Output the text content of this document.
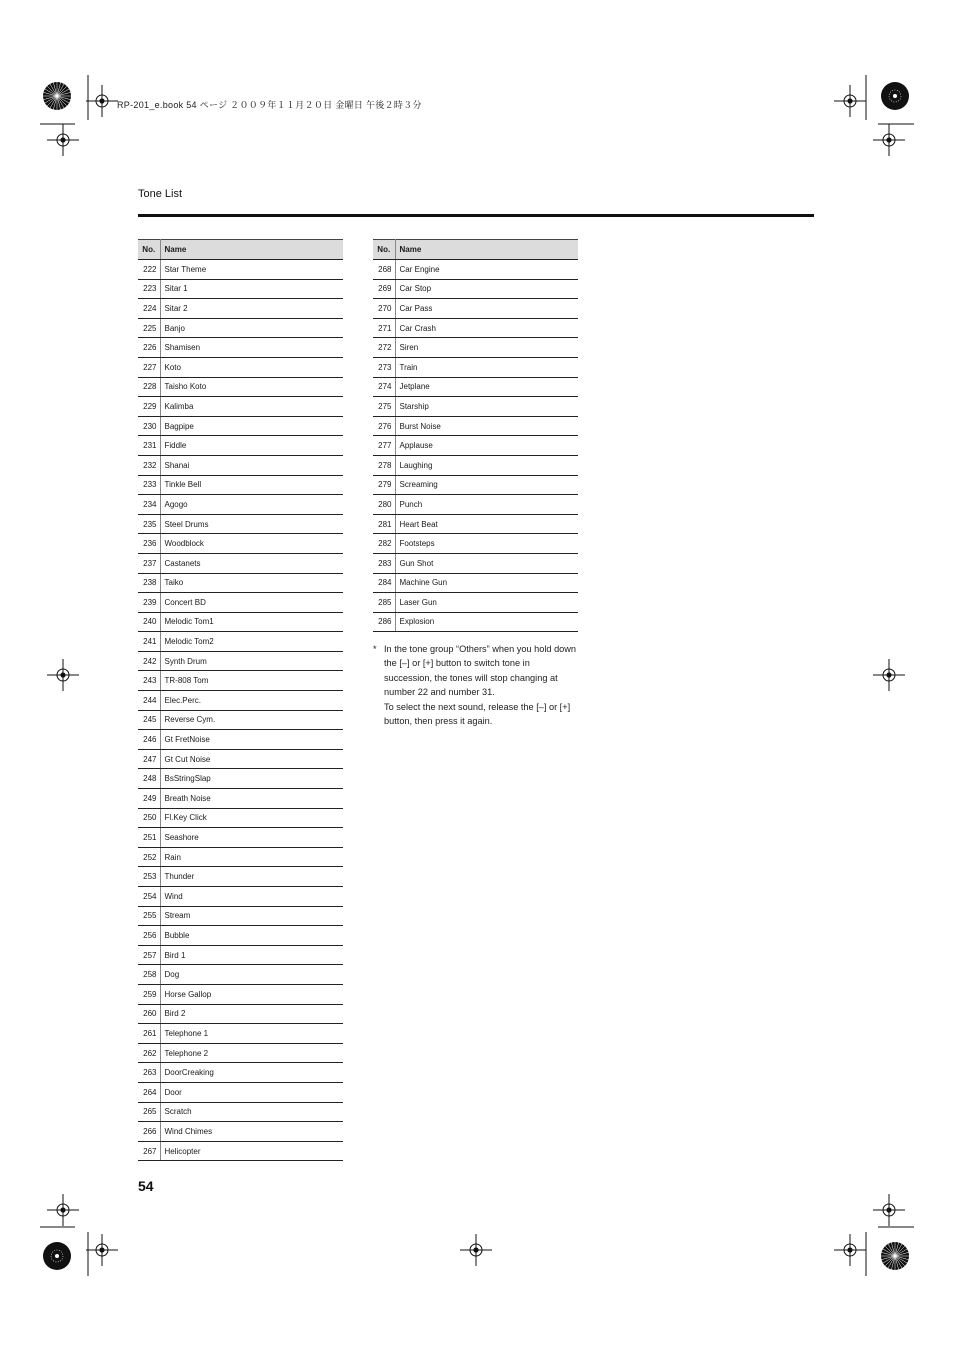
RP-201_e.book 54 ページ ２００９年１１月２０日 金曜日 午後２時３分
Tone List
No.	Name
222	Star Theme
223	Sitar 1
224	Sitar 2
225	Banjo
226	Shamisen
227	Koto
228	Taisho Koto
229	Kalimba
230	Bagpipe
231	Fiddle
232	Shanai
233	Tinkle Bell
234	Agogo
235	Steel Drums
236	Woodblock
237	Castanets
238	Taiko
239	Concert BD
240	Melodic Tom1
241	Melodic Tom2
242	Synth Drum
243	TR-808 Tom
244	Elec.Perc.
245	Reverse Cym.
246	Gt FretNoise
247	Gt Cut Noise
248	BsStringSlap
249	Breath Noise
250	Fl.Key Click
251	Seashore
252	Rain
253	Thunder
254	Wind
255	Stream
256	Bubble
257	Bird 1
258	Dog
259	Horse Gallop
260	Bird 2
261	Telephone 1
262	Telephone 2
263	DoorCreaking
264	Door
265	Scratch
266	Wind Chimes
267	Helicopter
No.	Name
268	Car Engine
269	Car Stop
270	Car Pass
271	Car Crash
272	Siren
273	Train
274	Jetplane
275	Starship
276	Burst Noise
277	Applause
278	Laughing
279	Screaming
280	Punch
281	Heart Beat
282	Footsteps
283	Gun Shot
284	Machine Gun
285	Laser Gun
286	Explosion
* In the tone group “Others” when you hold down the [–] or [+] button to switch tone in succession, the tones will stop changing at number 22 and number 31.

To select the next sound, release the [–] or [+] button, then press it again.

54
